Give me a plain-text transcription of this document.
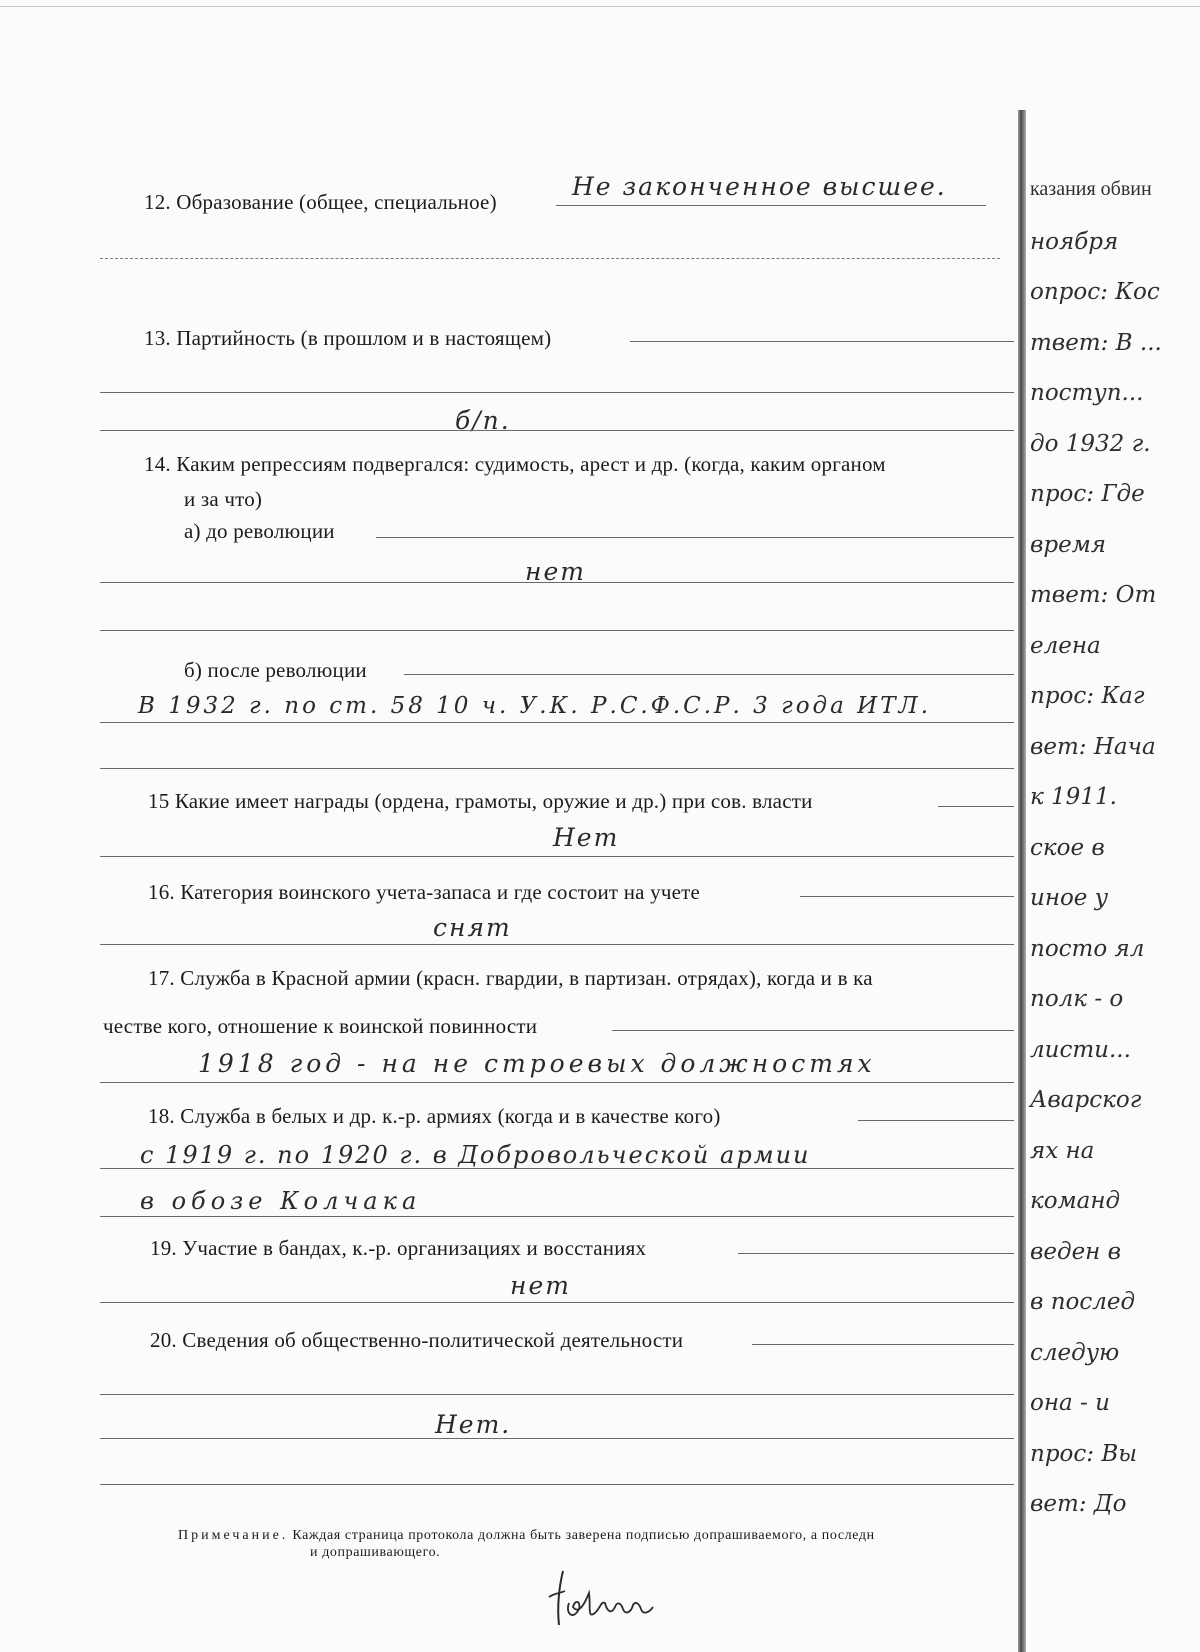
12. Образование (общее, специальное)
Не законченное высшее.
13. Партийность (в прошлом и в настоящем)
б/п.
14. Каким репрессиям подвергался: судимость, арест и др. (когда, каким органом
и за что)
а) до революции
нет
б) после революции
В 1932 г. по ст. 58 10 ч. У.К. Р.С.Ф.С.Р. 3 года ИТЛ.
15 Какие имеет награды (ордена, грамоты, оружие и др.) при сов. власти
Нет
16. Категория воинского учета-запаса и где состоит на учете
снят
17. Служба в Красной армии (красн. гвардии, в партизан. отрядах), когда и в ка
честве кого, отношение к воинской повинности
1918 год - на не строевых должностях
18. Служба в белых и др. к.-р. армиях (когда и в качестве кого)
с 1919 г. по 1920 г. в Добровольческой армии
в обозе Колчака
19. Участие в бандах, к.-р. организациях и восстаниях
нет
20. Сведения об общественно-политической деятельности
Нет.
Примечание. Каждая страница протокола должна быть заверена подписью допрашиваемого, а последн
и допрашивающего.
казания обвин
ноября
опрос: Кос
твет: В ...
поступ...
до 1932 г.
прос: Где
время
твет: От
елена
прос: Каг
вет: Нача
к 1911.
ское в
иное у
посто ял
полк - о
листи...
Аварског
ях на
команд
веден в
в послед
следую
она - и
прос: Вы
вет: До
